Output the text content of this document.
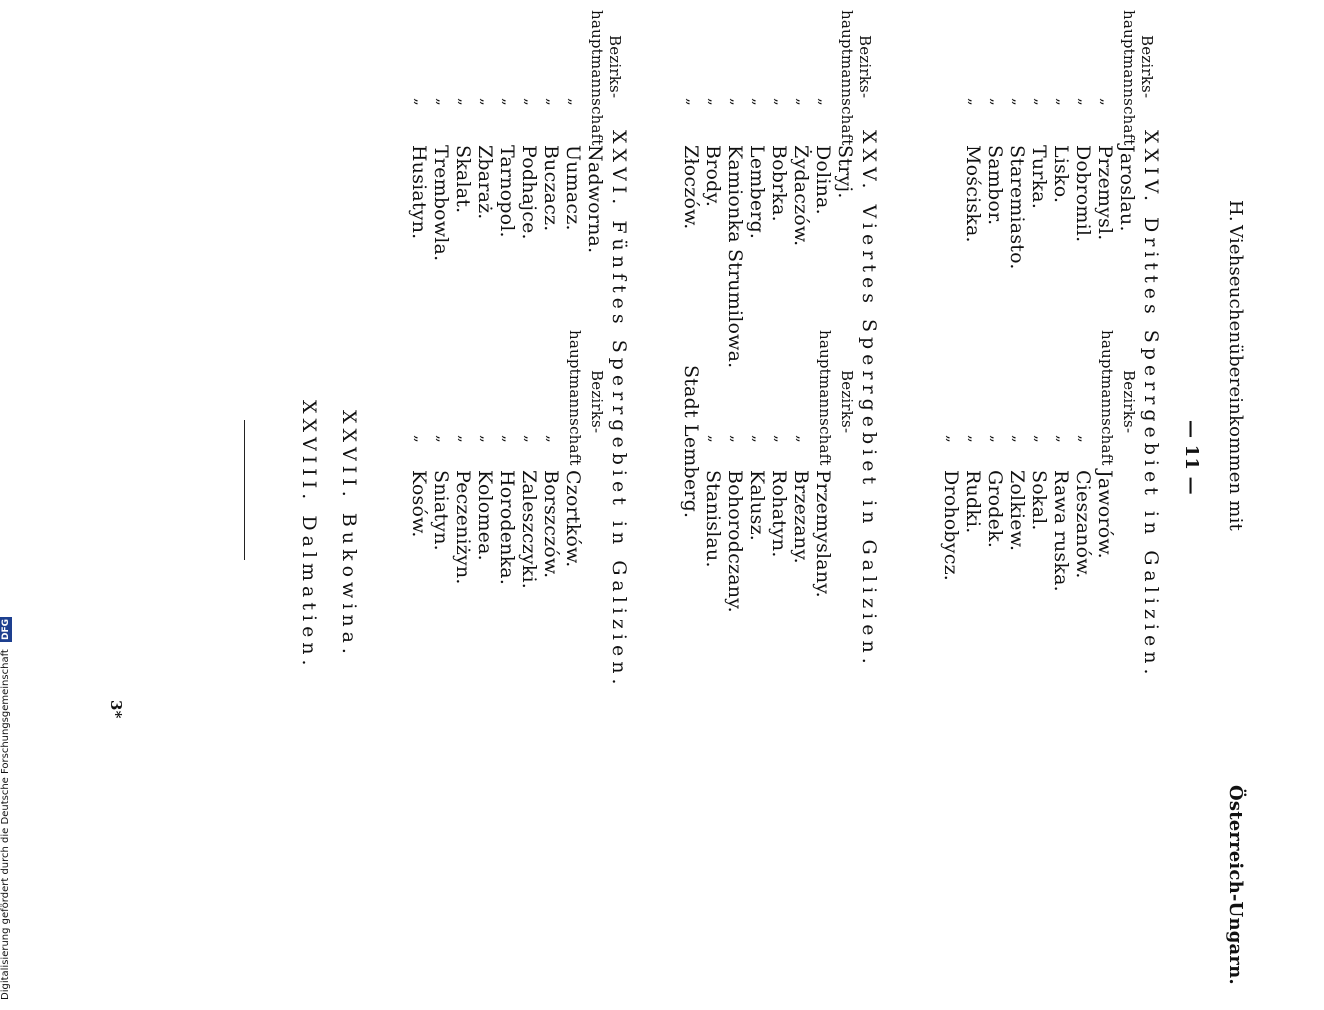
H.
Viehseuchenübereinkommen mit
Österreich-Ungarn.
— 11 —
XXIV. Drittes Sperrgebiet in Galizien.
Bezirks-
Bezirks-
hauptmannschaft
Jaroslau.
„
Przemysl.
„
Dobromil.
„
Lisko.
„
Turka.
„
Staremiasto.
„
Sambor.
„
Mościska.
hauptmannschaft
Jaworów.
„
Cieszanów.
„
Rawa ruska.
„
Sokal.
„
Zolkiew.
„
Grodek.
„
Rudki.
„
Drohobycz.
XXV. Viertes Sperrgebiet in Galizien.
Bezirks-
Bezirks-
hauptmannschaft
Stryj.
„
Dolina.
„
Żydaczów.
„
Bobrka.
„
Lemberg.
„
Kamionka Strumilowa.
„
Brody.
„
Złoczów.
hauptmannschaft
Przemyslany.
„
Brzezany.
„
Rohatyn.
„
Kalusz.
„
Bohorodczany.
„
Stanislau.
Stadt Lemberg.
XXVI. Fünftes Sperrgebiet in Galizien.
Bezirks-
Bezirks-
hauptmannschaft
Nadworna.
„
Uumacz.
„
Buczacz.
„
Podhajce.
„
Tarnopol.
„
Zbaraż.
„
Skalat.
„
Trembowla.
„
Husiatyn.
hauptmannschaft
Czortków.
„
Borszczów.
„
Zaleszczyki.
„
Horodenka.
„
Kolomea.
„
Peczeniżyn.
„
Sniatyn.
„
Kosów.
XXVII. Bukowina.
XXVIII. Dalmatien.
3*
Digitalisierung gefördert durch die Deutsche Forschungsgemeinschaft DFG
